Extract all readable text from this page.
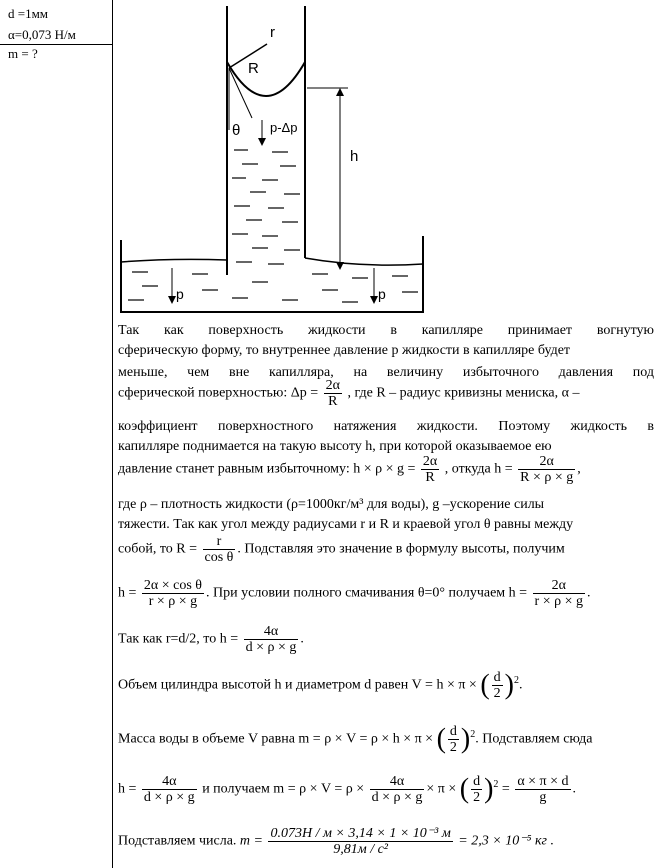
d =1мм
α=0,073 Н/м
m = ?
r
R
θ p-Δp
h
p	p
Так как поверхность жидкости в капилляре принимает вогнутую
сферическую форму, то внутреннее давление p жидкости в капилляре будет
меньше, чем вне капилляра, на величину избыточного давления под
сферической поверхностью: $\Delta p = \frac{2\alpha}{R}$ , где R – радиус кривизны мениска, α –
коэффициент поверхностного натяжения жидкости. Поэтому жидкость в
капилляре поднимается на такую высоту h, при которой оказываемое ею
давление станет равным избыточному: $h \times \rho \times g = \frac{2\alpha}{R}$ , откуда $h = \frac{2\alpha}{R \times \rho \times g}$ ,
где ρ – плотность жидкости (ρ=1000кг/м³ для воды), g –ускорение силы
тяжести. Так как угол между радиусами r и R и краевой угол θ равны между
собой, то $R = \frac{r}{\text{cos θ}}$ . Подставляя это значение в формулу высоты, получим
$h = \frac{\text{2α × cos θ}}{r \times \rho \times g}$ . При условии полного смачивания θ=0° получаем $h = \frac{2\alpha}{r \times \rho \times g}$ .
Так как r=d/2, то $h = \frac{4\alpha}{d \times \rho \times g}$ .
Объем цилиндра высотой h и диаметром d равен V = h × π × ( $\frac{d}{2} )^2$.
Масса воды в объеме V равна m = ρ × V = ρ × h × π × ( $\frac{d}{2} )^2$. Подставляем сюда
$h = \frac{4\alpha}{d \times \rho \times g}$ и получаем $m = \rho \times V = \rho \times \frac{4\alpha}{d \times \rho \times g} \times \pi$ × ( $\frac{d}{2} )^2 = \frac{\alpha \times \pi \times d}{g}$ .
Подставляем числа. $m = \frac{\text{0.073Н / м × 3,14 × 1 × 10⁻³ м}}{\text{9,81м / с²}} = 2,3 \times 10^{-5}$ кг .
